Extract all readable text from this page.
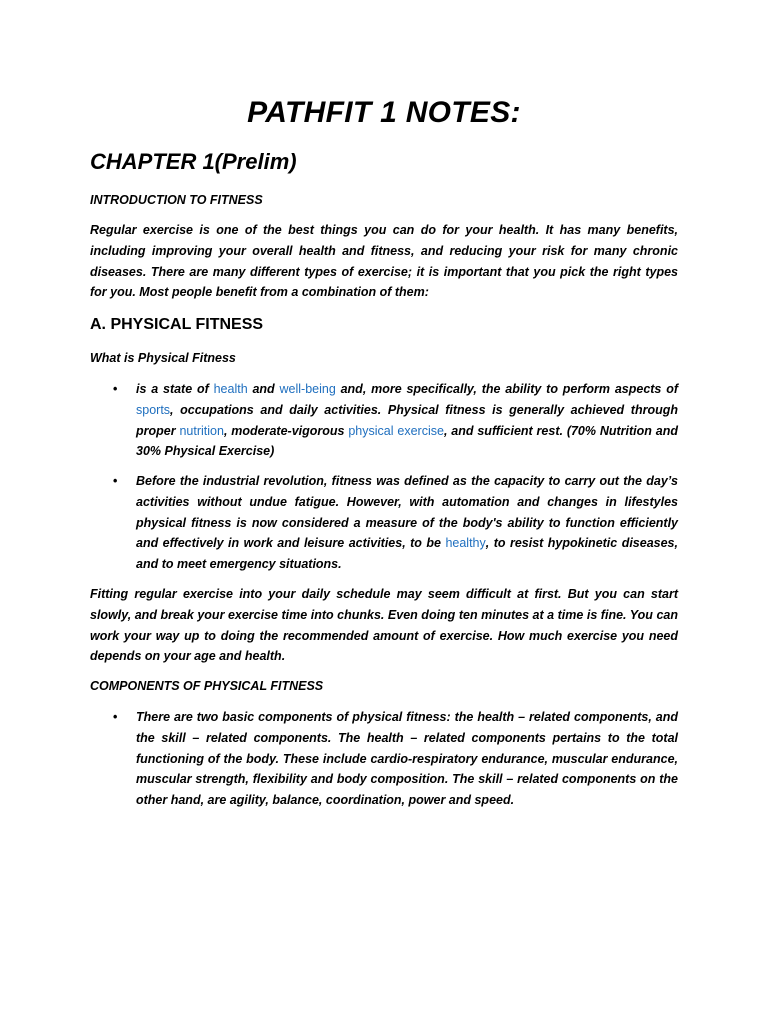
PATHFIT 1 NOTES:
CHAPTER 1(Prelim)
INTRODUCTION TO FITNESS
Regular exercise is one of the best things you can do for your health. It has many benefits, including improving your overall health and fitness, and reducing your risk for many chronic diseases. There are many different types of exercise; it is important that you pick the right types for you. Most people benefit from a combination of them:
A. PHYSICAL FITNESS
What is Physical Fitness
• is a state of health and well-being and, more specifically, the ability to perform aspects of sports, occupations and daily activities. Physical fitness is generally achieved through proper nutrition, moderate-vigorous physical exercise, and sufficient rest. (70% Nutrition and 30% Physical Exercise)
• Before the industrial revolution, fitness was defined as the capacity to carry out the day’s activities without undue fatigue. However, with automation and changes in lifestyles physical fitness is now considered a measure of the body's ability to function efficiently and effectively in work and leisure activities, to be healthy, to resist hypokinetic diseases, and to meet emergency situations.
Fitting regular exercise into your daily schedule may seem difficult at first. But you can start slowly, and break your exercise time into chunks. Even doing ten minutes at a time is fine. You can work your way up to doing the recommended amount of exercise. How much exercise you need depends on your age and health.
COMPONENTS OF PHYSICAL FITNESS
• There are two basic components of physical fitness: the health – related components, and the skill – related components. The health – related components pertains to the total functioning of the body. These include cardio-respiratory endurance, muscular endurance, muscular strength, flexibility and body composition. The skill – related components on the other hand, are agility, balance, coordination, power and speed.
